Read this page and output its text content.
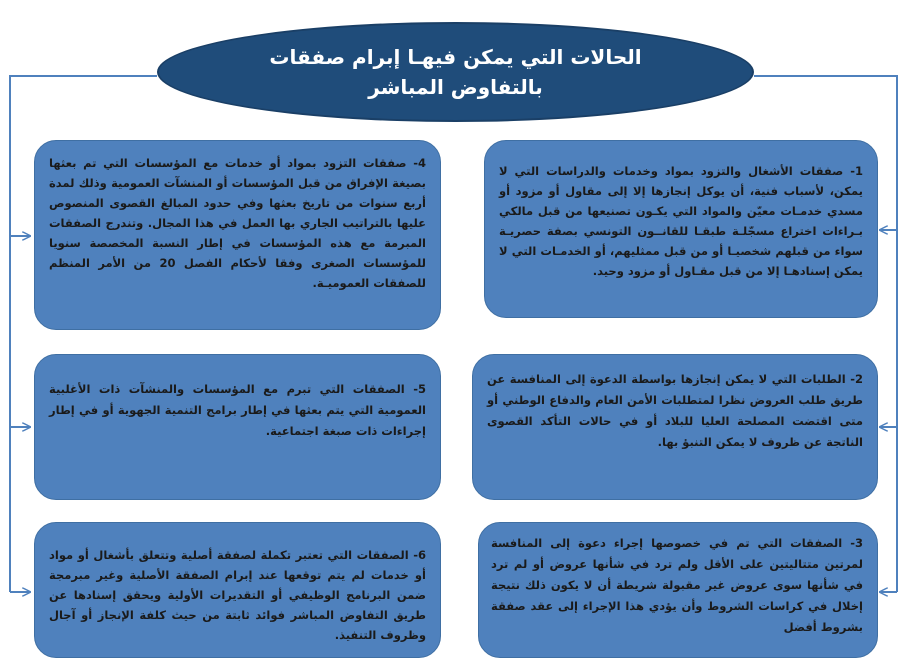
الحالات التي يمكن فيهـا إبرام صفقات بالتفاوض المباشر

1- صفقات الأشغال والتزود بمواد وخدمات والدراسات التي لا يمكن، لأسباب فنية، أن يوكل إنجازها إلا إلى مقاول أو مزود أو مسدي خدمـات معيّن والمواد التي يكـون تصنيعها من قبل مالكي بـراءات اختراع مسجّلـة طبقـا للقانــون التونسي بصفة حصريـة سواء من قبلهم شخصيـا أو من قبل ممثليهم، أو الخدمـات التي لا يمكن إسنادهـا إلا من قبل مقـاول أو مزود وحيد.

4- صفقات التزود بمواد أو خدمات مع المؤسسات التي تم بعثها بصيغة الإفراق من قبل المؤسسات أو المنشآت العمومية وذلك لمدة أربع سنوات من تاريخ بعثها وفي حدود المبالغ القصوى المنصوص عليها بالتراتيب الجاري بها العمل في هذا المجال. وتندرج الصفقات المبرمة مع هذه المؤسسات في إطار النسبة المخصصة سنويا للمؤسسات الصغرى وفقا لأحكام الفصل 20 من الأمر المنظم للصفقات العموميـة.

2- الطلبات التي لا يمكن إنجازها بواسطة الدعوة إلى المنافسة عن طريق طلب العروض نظرا لمتطلبات الأمن العام والدفاع الوطني أو متى اقتضت المصلحة العليا للبلاد أو في حالات التأكد القصوى الناتجة عن ظروف لا يمكن التنبؤ بها.

5- الصفقات التي تبرم مع المؤسسات والمنشآت ذات الأغلبية العمومية التي يتم بعثها في إطار برامج التنمية الجهوية أو في إطار إجراءات ذات صبغة اجتماعية.

3- الصفقات التي تم في خصوصها إجراء دعوة إلى المنافسة لمرتين متتاليتين على الأقل ولم ترد في شأنها عروض أو لم ترد في شأنها سوى عروض غير مقبولة شريطة أن لا يكون ذلك نتيجة إخلال في كراسات الشروط وأن يؤدي هذا الإجراء إلى عقد صفقة بشروط أفضل

6- الصفقات التي تعتبر تكملة لصفقة أصلية وتتعلق بأشغال أو مواد أو خدمات لم يتم توقعها عند إبرام الصفقة الأصلية وغير مبرمجة ضمن البرنامج الوظيفي أو التقديرات الأولية ويحقق إسنادها عن طريق التفاوض المباشر فوائد ثابتة من حيث كلفة الإنجاز أو آجال وظروف التنفيذ.
